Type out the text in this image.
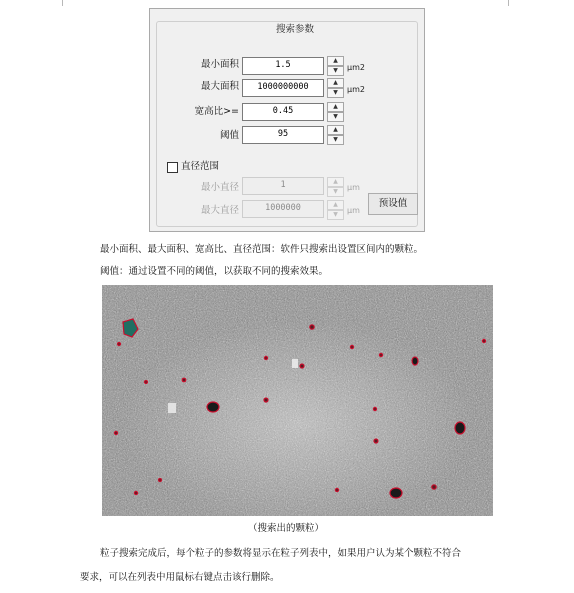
搜索参数
最小面积	1.5	▲
▼	μm2
最大面积	1000000000	▲
▼	μm2
宽高比>=	0.45	▲
▼
阈值	95	▲
▼
直径范围
最小直径	1	▲
▼	μm
最大直径	1000000	▲
▼	μm
预设值
最小面积、最大面积、宽高比、直径范围：软件只搜索出设置区间内的颗粒。
阈值：通过设置不同的阈值，以获取不同的搜索效果。
（搜索出的颗粒）
粒子搜索完成后，每个粒子的参数将显示在粒子列表中，如果用户认为某个颗粒不符合
要求，可以在列表中用鼠标右键点击该行删除。
